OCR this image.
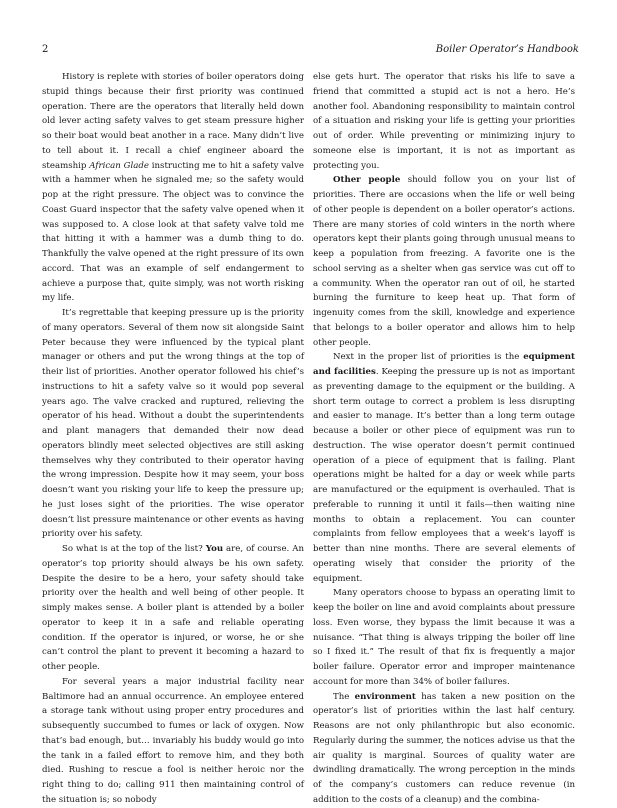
2	Boiler Operator’s Handbook

History is replete with stories of boiler operators doing stupid things because their first priority was continued operation. There are the operators that literally held down old lever acting safety valves to get steam pressure higher so their boat would beat another in a race. Many didn’t live to tell about it. I recall a chief engineer aboard the steamship African Glade instructing me to hit a safety valve with a hammer when he signaled me; so the safety would pop at the right pressure. The object was to convince the Coast Guard inspector that the safety valve opened when it was supposed to. A close look at that safety valve told me that hitting it with a hammer was a dumb thing to do. Thankfully the valve opened at the right pressure of its own accord. That was an example of self endangerment to achieve a purpose that, quite simply, was not worth risking my life.

It’s regrettable that keeping pressure up is the priority of many operators. Several of them now sit alongside Saint Peter because they were influenced by the typical plant manager or others and put the wrong things at the top of their list of priorities. Another operator followed his chief’s instructions to hit a safety valve so it would pop several years ago. The valve cracked and ruptured, relieving the operator of his head. Without a doubt the superintendents and plant managers that demanded their now dead operators blindly meet selected objectives are still asking themselves why they contributed to their operator having the wrong impression. Despite how it may seem, your boss doesn’t want you risking your life to keep the pressure up; he just loses sight of the priorities. The wise operator doesn’t list pressure maintenance or other events as having priority over his safety.

So what is at the top of the list? You are, of course. An operator’s top priority should always be his own safety. Despite the desire to be a hero, your safety should take priority over the health and well being of other people. It simply makes sense. A boiler plant is attended by a boiler operator to keep it in a safe and reliable operating condition. If the operator is injured, or worse, he or she can’t control the plant to prevent it becoming a hazard to other people.

For several years a major industrial facility near Baltimore had an annual occurrence. An employee entered a storage tank without using proper entry procedures and subsequently succumbed to fumes or lack of oxygen. Now that’s bad enough, but… invariably his buddy would go into the tank in a failed effort to remove him, and they both died. Rushing to rescue a fool is neither heroic nor the right thing to do; calling 911 then maintaining control of the situation is; so nobody

else gets hurt. The operator that risks his life to save a friend that committed a stupid act is not a hero. He’s another fool. Abandoning responsibility to maintain control of a situation and risking your life is getting your priorities out of order. While preventing or minimizing injury to someone else is important, it is not as important as protecting you.

Other people should follow you on your list of priorities. There are occasions when the life or well being of other people is dependent on a boiler operator’s actions. There are many stories of cold winters in the north where operators kept their plants going through unusual means to keep a population from freezing. A favorite one is the school serving as a shelter when gas service was cut off to a community. When the operator ran out of oil, he started burning the furniture to keep heat up. That form of ingenuity comes from the skill, knowledge and experience that belongs to a boiler operator and allows him to help other people.

Next in the proper list of priorities is the equipment and facilities. Keeping the pressure up is not as important as preventing damage to the equipment or the building. A short term outage to correct a problem is less disrupting and easier to manage. It’s better than a long term outage because a boiler or other piece of equipment was run to destruction. The wise operator doesn’t permit continued operation of a piece of equipment that is failing. Plant operations might be halted for a day or week while parts are manufactured or the equipment is overhauled. That is preferable to running it until it fails—then waiting nine months to obtain a replacement. You can counter complaints from fellow employees that a week’s layoff is better than nine months. There are several elements of operating wisely that consider the priority of the equipment.

Many operators choose to bypass an operating limit to keep the boiler on line and avoid complaints about pressure loss. Even worse, they bypass the limit because it was a nuisance. “That thing is always tripping the boiler off line so I fixed it.” The result of that fix is frequently a major boiler failure. Operator error and improper maintenance account for more than 34% of boiler failures.

The environment has taken a new position on the operator’s list of priorities within the last half century. Reasons are not only philanthropic but also economic. Regularly during the summer, the notices advise us that the air quality is marginal. Sources of quality water are dwindling dramatically. The wrong perception in the minds of the company’s customers can reduce revenue (in addition to the costs of a cleanup) and the combina-
